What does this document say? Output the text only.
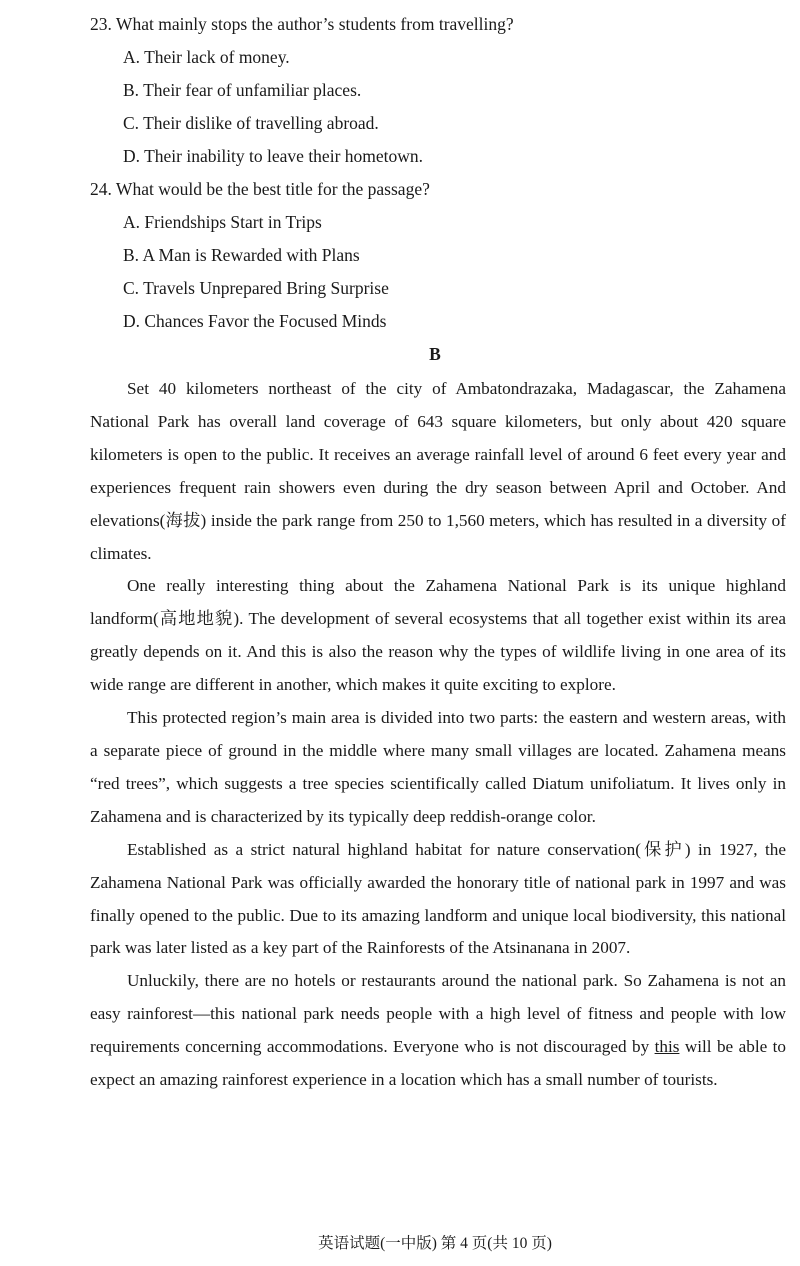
23. What mainly stops the author’s students from travelling?
A. Their lack of money.
B. Their fear of unfamiliar places.
C. Their dislike of travelling abroad.
D. Their inability to leave their hometown.
24. What would be the best title for the passage?
A. Friendships Start in Trips
B. A Man is Rewarded with Plans
C. Travels Unprepared Bring Surprise
D. Chances Favor the Focused Minds
B

Set 40 kilometers northeast of the city of Ambatondrazaka, Madagascar, the Zahamena National Park has overall land coverage of 643 square kilometers, but only about 420 square kilometers is open to the public. It receives an average rainfall level of around 6 feet every year and experiences frequent rain showers even during the dry season between April and October. And elevations(海拔) inside the park range from 250 to 1,560 meters, which has resulted in a diversity of climates.

One really interesting thing about the Zahamena National Park is its unique highland landform(高地地貌). The development of several ecosystems that all together exist within its area greatly depends on it. And this is also the reason why the types of wildlife living in one area of its wide range are different in another, which makes it quite exciting to explore.

This protected region’s main area is divided into two parts: the eastern and western areas, with a separate piece of ground in the middle where many small villages are located. Zahamena means “red trees”, which suggests a tree species scientifically called Diatum unifoliatum. It lives only in Zahamena and is characterized by its typically deep reddish-orange color.

Established as a strict natural highland habitat for nature conservation(保护) in 1927, the Zahamena National Park was officially awarded the honorary title of national park in 1997 and was finally opened to the public. Due to its amazing landform and unique local biodiversity, this national park was later listed as a key part of the Rainforests of the Atsinanana in 2007.

Unluckily, there are no hotels or restaurants around the national park. So Zahamena is not an easy rainforest—this national park needs people with a high level of fitness and people with low requirements concerning accommodations. Everyone who is not discouraged by this will be able to expect an amazing rainforest experience in a location which has a small number of tourists.

英语试题(一中版) 第 4 页(共 10 页)
